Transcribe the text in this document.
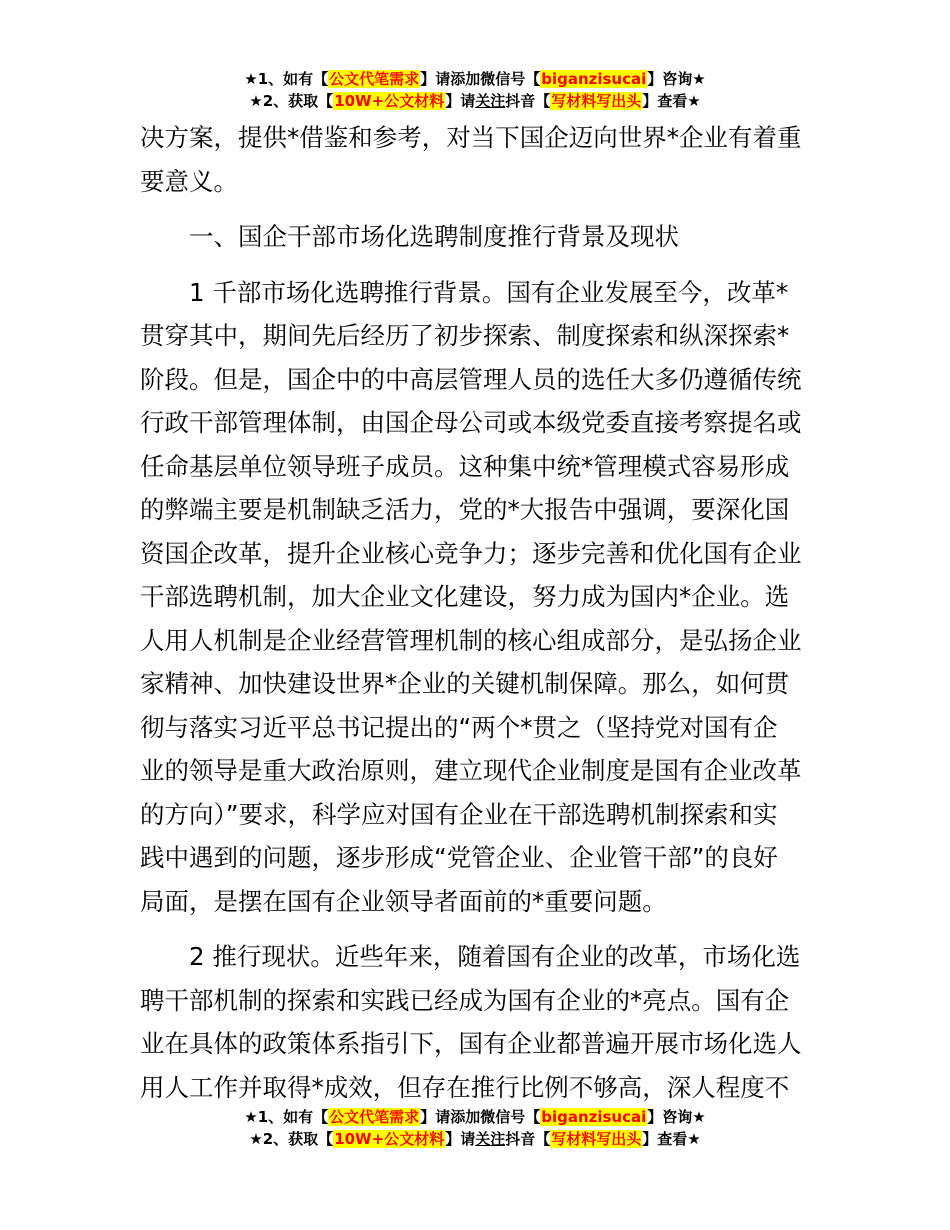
★1、如有【公文代笔需求】请添加微信号【biganzisucai】咨询★
★2、获取【10W+公文材料】请关注抖音【写材料写出头】查看★

决方案，提供*借鉴和参考，对当下国企迈向世界*企业有着重

要意义。

一、国企干部市场化选聘制度推行背景及现状

1 千部市场化选聘推行背景。国有企业发展至今，改革*

贯穿其中，期间先后经历了初步探索、制度探索和纵深探索*

阶段。但是，国企中的中高层管理人员的选任大多仍遵循传统

行政干部管理体制，由国企母公司或本级党委直接考察提名或

任命基层单位领导班子成员。这种集中统*管理模式容易形成

的弊端主要是机制缺乏活力，党的*大报告中强调，要深化国

资国企改革，提升企业核心竞争力；逐步完善和优化国有企业

干部选聘机制，加大企业文化建设，努力成为国内*企业。选

人用人机制是企业经营管理机制的核心组成部分，是弘扬企业

家精神、加快建设世界*企业的关键机制保障。那么，如何贯

彻与落实习近平总书记提出的“两个*贯之（坚持党对国有企

业的领导是重大政治原则，建立现代企业制度是国有企业改革

的方向）”要求，科学应对国有企业在干部选聘机制探索和实

践中遇到的问题，逐步形成“党管企业、企业管干部”的良好

局面，是摆在国有企业领导者面前的*重要问题。

2 推行现状。近些年来，随着国有企业的改革，市场化选

聘干部机制的探索和实践已经成为国有企业的*亮点。国有企

业在具体的政策体系指引下，国有企业都普遍开展市场化选人

用人工作并取得*成效，但存在推行比例不够高，深人程度不

★1、如有【公文代笔需求】请添加微信号【biganzisucai】咨询★
★2、获取【10W+公文材料】请关注抖音【写材料写出头】查看★
